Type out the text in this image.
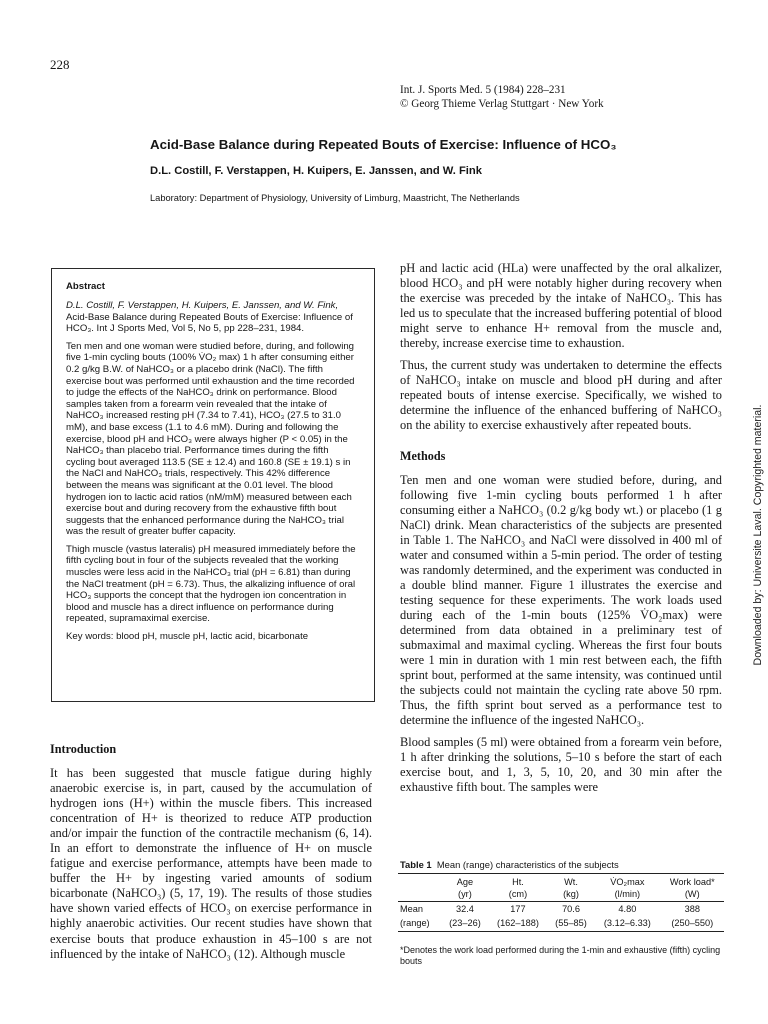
228
Int. J. Sports Med. 5 (1984) 228–231
© Georg Thieme Verlag Stuttgart · New York
Acid-Base Balance during Repeated Bouts of Exercise: Influence of HCO₃
D.L. Costill, F. Verstappen, H. Kuipers, E. Janssen, and W. Fink
Laboratory: Department of Physiology, University of Limburg, Maastricht, The Netherlands
Abstract

D.L. Costill, F. Verstappen, H. Kuipers, E. Janssen, and W. Fink, Acid-Base Balance during Repeated Bouts of Exercise: Influence of HCO₃. Int J Sports Med, Vol 5, No 5, pp 228–231, 1984.

Ten men and one woman were studied before, during, and following five 1-min cycling bouts (100% V̇O₂ max) 1 h after consuming either 0.2 g/kg B.W. of NaHCO₃ or a placebo drink (NaCl). The fifth exercise bout was performed until exhaustion and the time recorded to judge the effects of the NaHCO₃ drink on performance. Blood samples taken from a forearm vein revealed that the intake of NaHCO₃ increased resting pH (7.34 to 7.41), HCO₃ (27.5 to 31.0 mM), and base excess (1.1 to 4.6 mM). During and following the exercise, blood pH and HCO₃ were always higher (P < 0.05) in the NaHCO₃ than placebo trial. Performance times during the fifth cycling bout averaged 113.5 (SE ± 12.4) and 160.8 (SE ± 19.1) s in the NaCl and NaHCO₃ trials, respectively. This 42% difference between the means was significant at the 0.01 level. The blood hydrogen ion to lactic acid ratios (nM/mM) measured between each exercise bout and during recovery from the exhaustive fifth bout suggests that the enhanced performance during the NaHCO₃ trial was the result of greater buffer capacity.

Thigh muscle (vastus lateralis) pH measured immediately before the fifth cycling bout in four of the subjects revealed that the working muscles were less acid in the NaHCO₃ trial (pH = 6.81) than during the NaCl treatment (pH = 6.73). Thus, the alkalizing influence of oral HCO₃ supports the concept that the hydrogen ion concentration in blood and muscle has a direct influence on performance during repeated, supramaximal exercise.

Key words: blood pH, muscle pH, lactic acid, bicarbonate

Introduction

It has been suggested that muscle fatigue during highly anaerobic exercise is, in part, caused by the accumulation of hydrogen ions (H+) within the muscle fibers. This increased concentration of H+ is theorized to reduce ATP production and/or impair the function of the contractile mechanism (6, 14). In an effort to demonstrate the influence of H+ on muscle fatigue and exercise performance, attempts have been made to buffer the H+ by ingesting varied amounts of sodium bicarbonate (NaHCO₃) (5, 17, 19). The results of those studies have shown varied effects of HCO₃ on exercise performance in highly anaerobic activities. Our recent studies have shown that exercise bouts that produce exhaustion in 45–100 s are not influenced by the intake of NaHCO₃ (12). Although muscle

pH and lactic acid (HLa) were unaffected by the oral alkalizer, blood HCO₃ and pH were notably higher during recovery when the exercise was preceded by the intake of NaHCO₃. This has led us to speculate that the increased buffering potential of blood might serve to enhance H+ removal from the muscle and, thereby, increase exercise time to exhaustion.

Thus, the current study was undertaken to determine the effects of NaHCO₃ intake on muscle and blood pH during and after repeated bouts of intense exercise. Specifically, we wished to determine the influence of the enhanced buffering of NaHCO₃ on the ability to exercise exhaustively after repeated bouts.

Methods

Ten men and one woman were studied before, during, and following five 1-min cycling bouts performed 1 h after consuming either a NaHCO₃ (0.2 g/kg body wt.) or placebo (1 g NaCl) drink. Mean characteristics of the subjects are presented in Table 1. The NaHCO₃ and NaCl were dissolved in 400 ml of water and consumed within a 5-min period. The order of testing was randomly determined, and the experiment was conducted in a double blind manner. Figure 1 illustrates the exercise and testing sequence for these experiments. The work loads used during each of the 1-min bouts (125% V̇O₂max) were determined from data obtained in a preliminary test of submaximal and maximal cycling. Whereas the first four bouts were 1 min in duration with 1 min rest between each, the fifth sprint bout, performed at the same intensity, was continued until the subjects could not maintain the cycling rate above 50 rpm. Thus, the fifth sprint bout served as a performance test to determine the influence of the ingested NaHCO₃.

Blood samples (5 ml) were obtained from a forearm vein before, 1 h after drinking the solutions, 5–10 s before the start of each exercise bout, and 1, 3, 5, 10, 20, and 30 min after the exhaustive fifth bout. The samples were

Table 1 Mean (range) characteristics of the subjects
	Age	Ht.	Wt.	V̇O₂max	Work load*
	(yr)	(cm)	(kg)	(l/min)	(W)
Mean	32.4	177	70.6	4.80	388
(range)	(23–26)	(162–188)	(55–85)	(3.12–6.33)	(250–550)
*Denotes the work load performed during the 1-min and exhaustive (fifth) cycling bouts
Downloaded by: Universite Laval. Copyrighted material.
